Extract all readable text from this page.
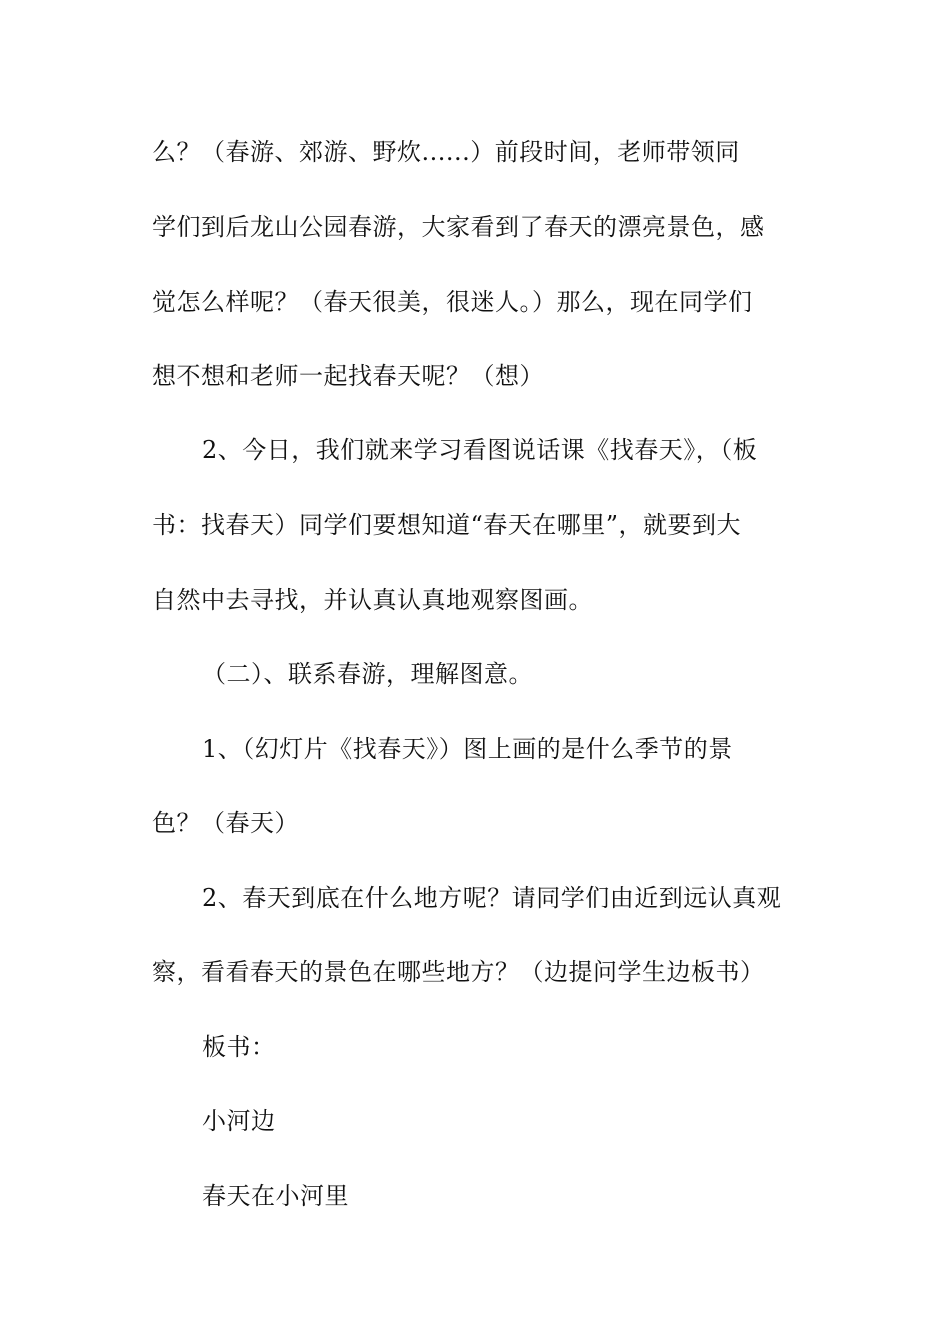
么？（春游、郊游、野炊......）前段时间，老师带领同
学们到后龙山公园春游，大家看到了春天的漂亮景色，感
觉怎么样呢？（春天很美，很迷人。）那么，现在同学们
想不想和老师一起找春天呢？（想）
2、今日，我们就来学习看图说话课《找春天》，（板
书：找春天）同学们要想知道“春天在哪里”，就要到大
自然中去寻找，并认真认真地观察图画。
（二）、联系春游，理解图意。
1、（幻灯片《找春天》）图上画的是什么季节的景
色？（春天）
2、春天到底在什么地方呢？请同学们由近到远认真观
察，看看春天的景色在哪些地方？（边提问学生边板书）
板书：
小河边
春天在小河里
